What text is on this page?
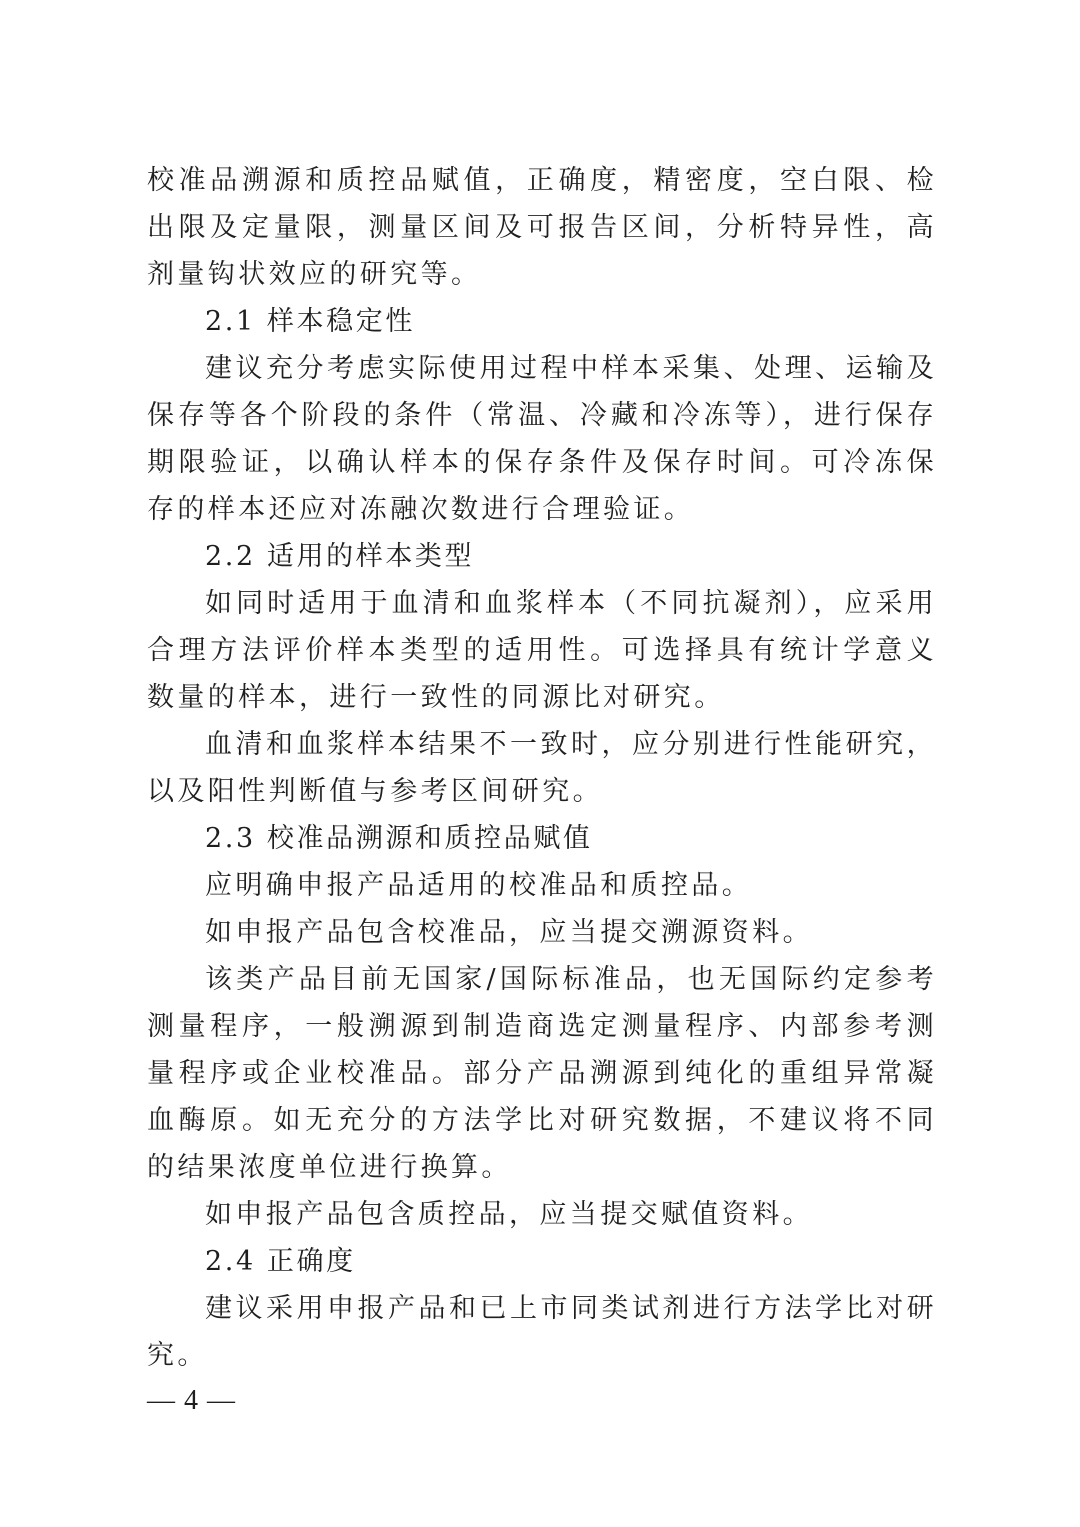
校准品溯源和质控品赋值，正确度，精密度，空白限、检出限及定量限，测量区间及可报告区间，分析特异性，高剂量钩状效应的研究等。

2.1 样本稳定性

建议充分考虑实际使用过程中样本采集、处理、运输及保存等各个阶段的条件（常温、冷藏和冷冻等），进行保存期限验证，以确认样本的保存条件及保存时间。可冷冻保存的样本还应对冻融次数进行合理验证。

2.2 适用的样本类型

如同时适用于血清和血浆样本（不同抗凝剂），应采用合理方法评价样本类型的适用性。可选择具有统计学意义数量的样本，进行一致性的同源比对研究。

血清和血浆样本结果不一致时，应分别进行性能研究，以及阳性判断值与参考区间研究。

2.3 校准品溯源和质控品赋值

应明确申报产品适用的校准品和质控品。

如申报产品包含校准品，应当提交溯源资料。

该类产品目前无国家/国际标准品，也无国际约定参考测量程序，一般溯源到制造商选定测量程序、内部参考测量程序或企业校准品。部分产品溯源到纯化的重组异常凝血酶原。如无充分的方法学比对研究数据，不建议将不同的结果浓度单位进行换算。

如申报产品包含质控品，应当提交赋值资料。

2.4 正确度

建议采用申报产品和已上市同类试剂进行方法学比对研究。

— 4 —
